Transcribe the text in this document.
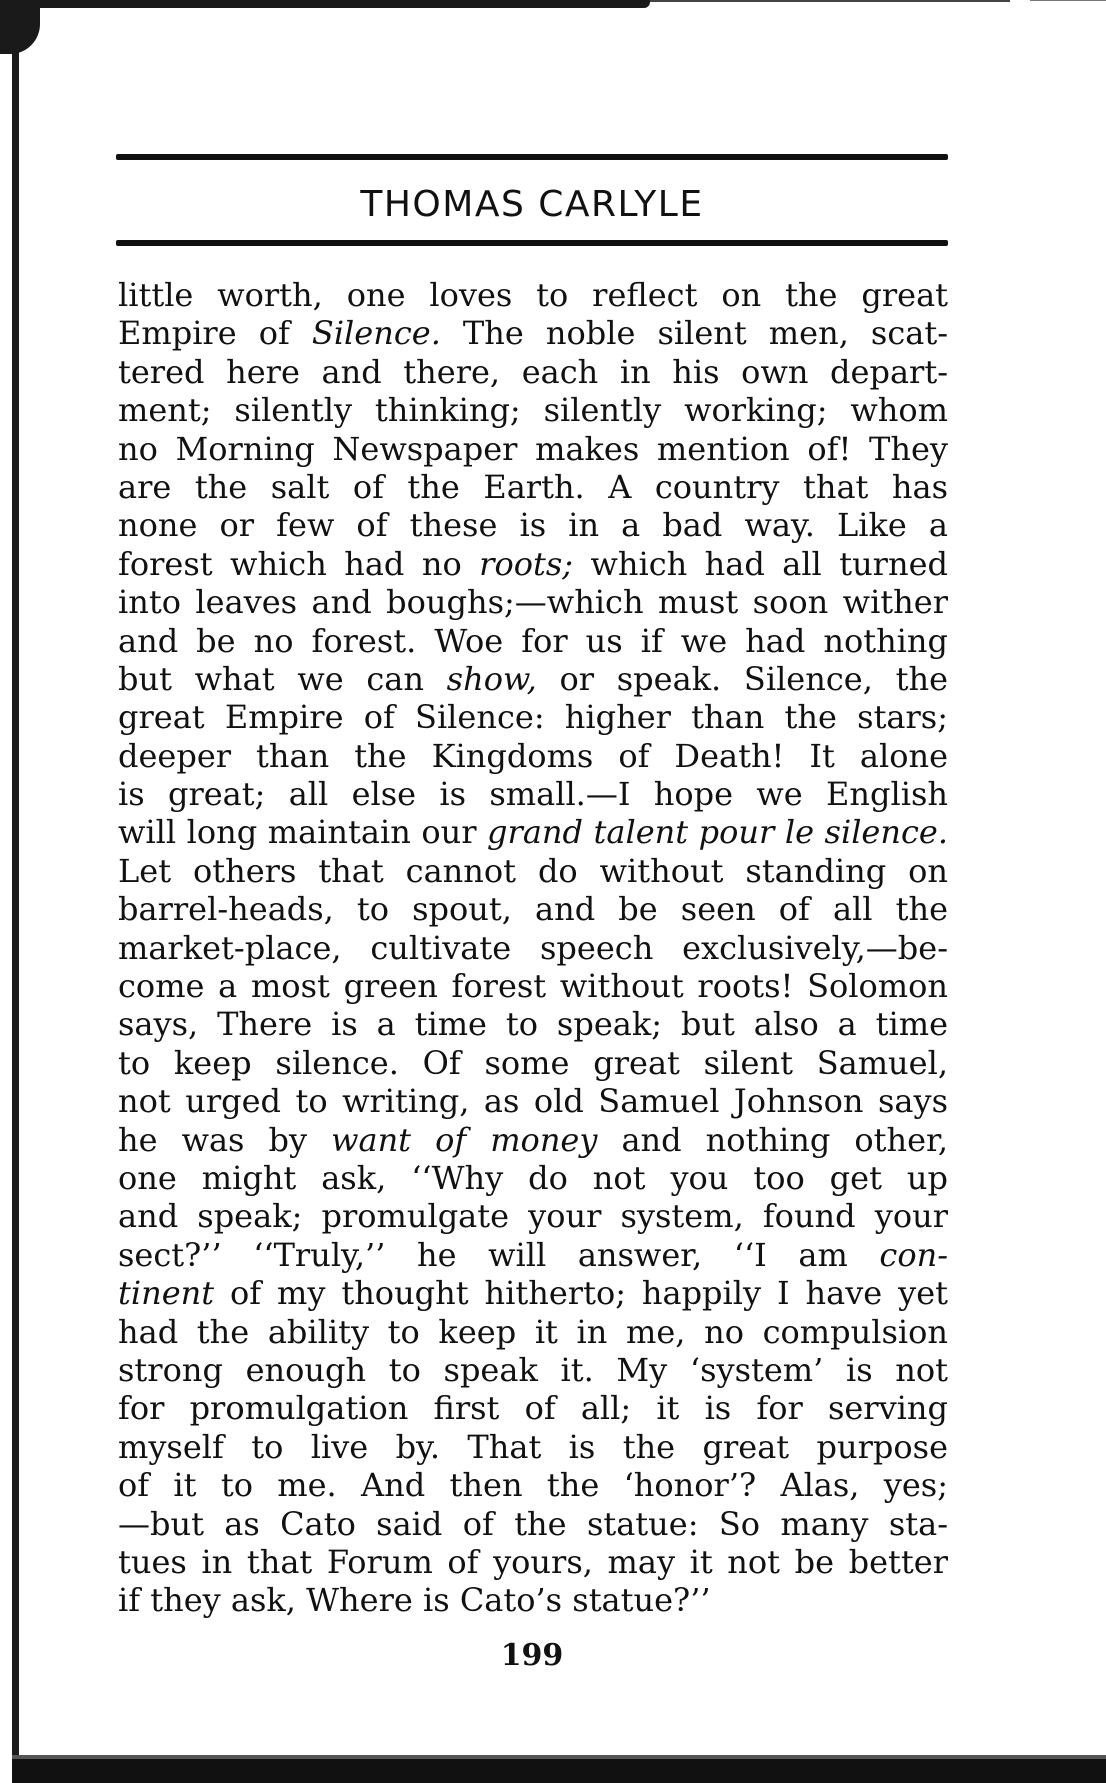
THOMAS CARLYLE
little worth, one loves to reflect on the great
Empire of Silence. The noble silent men, scat-
tered here and there, each in his own depart-
ment; silently thinking; silently working; whom
no Morning Newspaper makes mention of! They
are the salt of the Earth. A country that has
none or few of these is in a bad way. Like a
forest which had no roots; which had all turned
into leaves and boughs;—which must soon wither
and be no forest. Woe for us if we had nothing
but what we can show, or speak. Silence, the
great Empire of Silence: higher than the stars;
deeper than the Kingdoms of Death! It alone
is great; all else is small.—I hope we English
will long maintain our grand talent pour le silence.
Let others that cannot do without standing on
barrel-heads, to spout, and be seen of all the
market-place, cultivate speech exclusively,—be-
come a most green forest without roots! Solomon
says, There is a time to speak; but also a time
to keep silence. Of some great silent Samuel,
not urged to writing, as old Samuel Johnson says
he was by want of money and nothing other,
one might ask, ‘‘Why do not you too get up
and speak; promulgate your system, found your
sect?’’ ‘‘Truly,’’ he will answer, ‘‘I am con-
tinent of my thought hitherto; happily I have yet
had the ability to keep it in me, no compulsion
strong enough to speak it. My ‘system’ is not
for promulgation first of all; it is for serving
myself to live by. That is the great purpose
of it to me. And then the ‘honor’? Alas, yes;
—but as Cato said of the statue: So many sta-
tues in that Forum of yours, may it not be better
if they ask, Where is Cato’s statue?’’
199
